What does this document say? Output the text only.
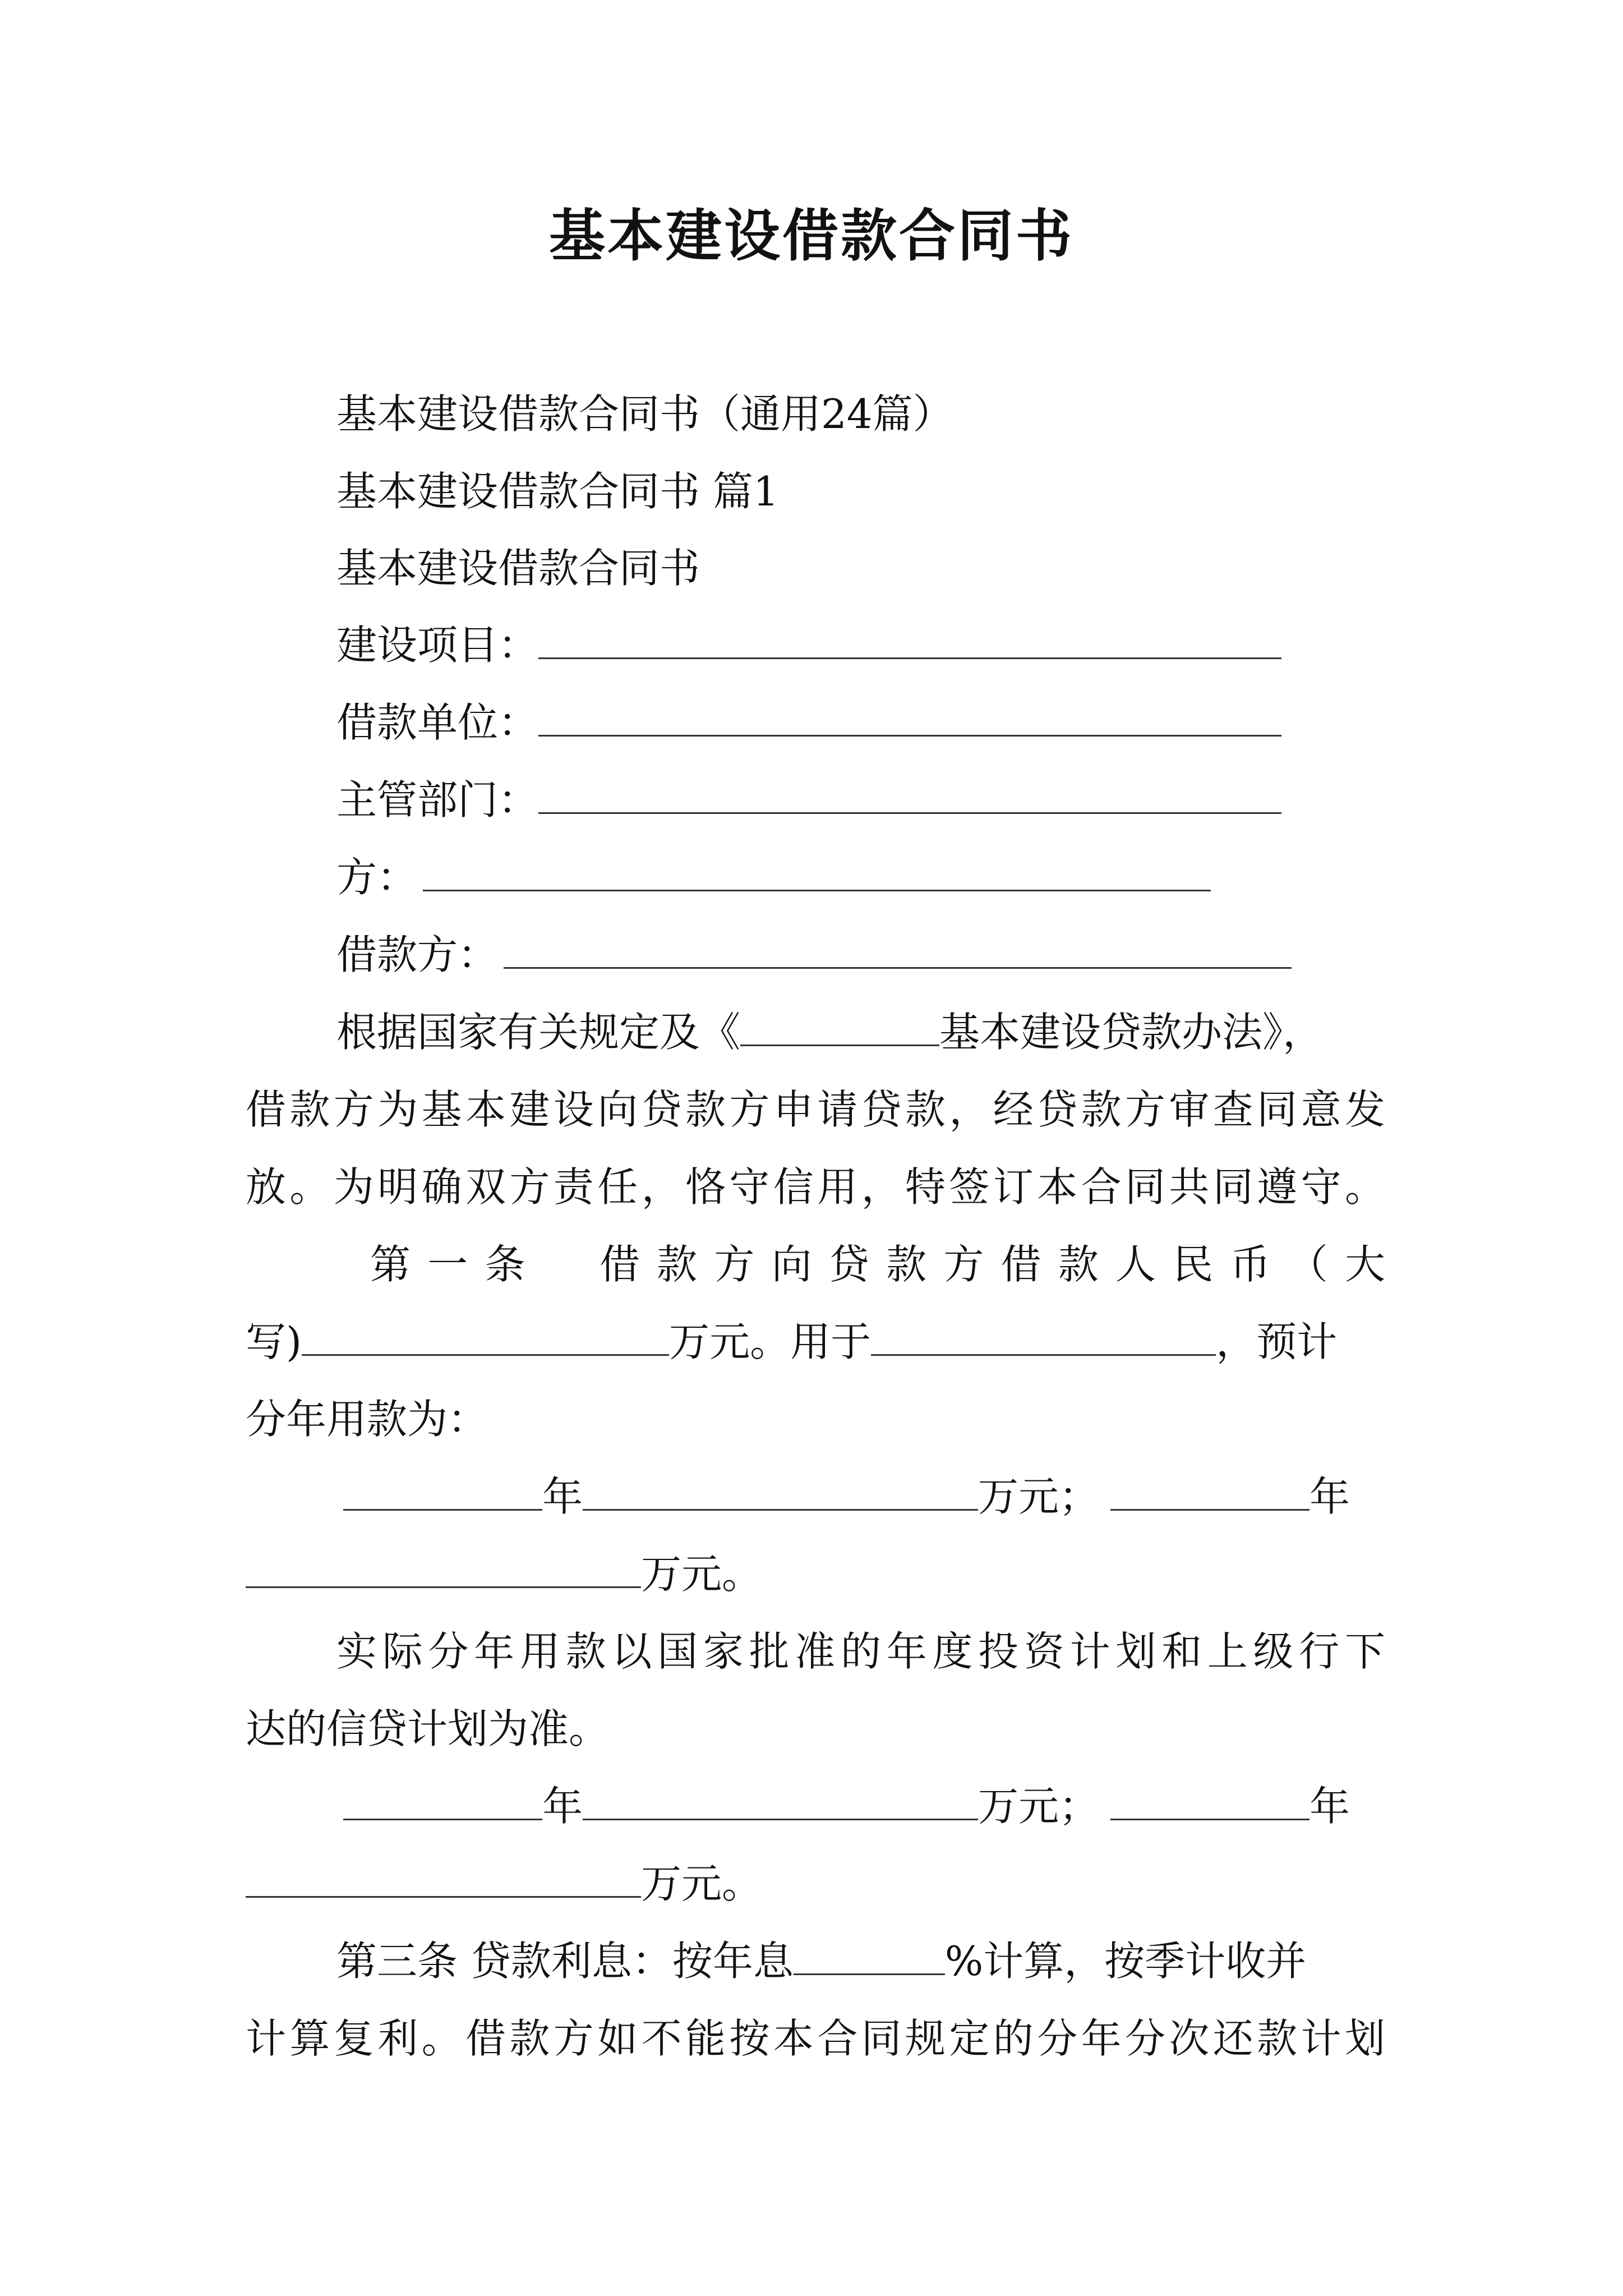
基本建设借款合同书
基本建设借款合同书（通用24篇）
基本建设借款合同书 篇1
基本建设借款合同书
建设项目：
借款单位：
主管部门：
方：
借款方：
根据国家有关规定及《	基本建设贷款办法》，
借款方为基本建设向贷款方申请贷款，经贷款方审查同意发
放。为明确双方责任，恪守信用，特签订本合同共同遵守。
第一条　借款方向贷款方借款人民币（大
写)	万元。用于	，预计
分年用款为：
年	万元；	年
万元。
实际分年用款以国家批准的年度投资计划和上级行下
达的信贷计划为准。
年	万元；	年
万元。
第三条 贷款利息：按年息	%计算，按季计收并
计算复利。借款方如不能按本合同规定的分年分次还款计划
